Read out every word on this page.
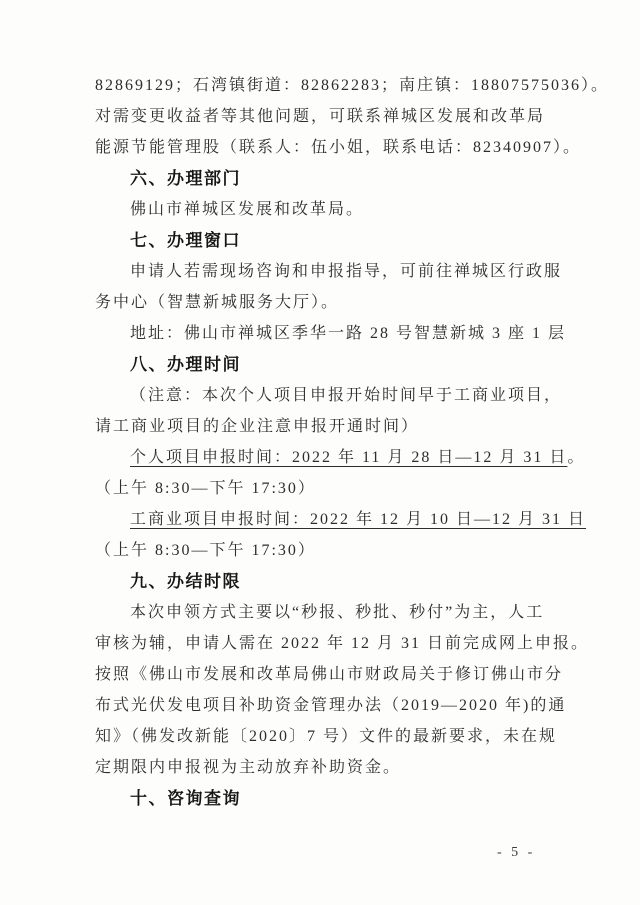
82869129；石湾镇街道：82862283；南庄镇：18807575036）。
对需变更收益者等其他问题，可联系禅城区发展和改革局
能源节能管理股（联系人：伍小姐，联系电话：82340907）。
六、办理部门
佛山市禅城区发展和改革局。
七、办理窗口
申请人若需现场咨询和申报指导，可前往禅城区行政服
务中心（智慧新城服务大厅）。
地址：佛山市禅城区季华一路 28 号智慧新城 3 座 1 层
八、办理时间
（注意：本次个人项目申报开始时间早于工商业项目，
请工商业项目的企业注意申报开通时间）
个人项目申报时间：2022 年 11 月 28 日—12 月 31 日。
（上午 8:30—下午 17:30）
工商业项目申报时间：2022 年 12 月 10 日—12 月 31 日
（上午 8:30—下午 17:30）
九、办结时限
本次申领方式主要以“秒报、秒批、秒付”为主，人工
审核为辅，申请人需在 2022 年 12 月 31 日前完成网上申报。
按照《佛山市发展和改革局佛山市财政局关于修订佛山市分
布式光伏发电项目补助资金管理办法（2019—2020 年)的通
知》（佛发改新能〔2020〕7 号）文件的最新要求，未在规
定期限内申报视为主动放弃补助资金。
十、咨询查询
- 5 -
